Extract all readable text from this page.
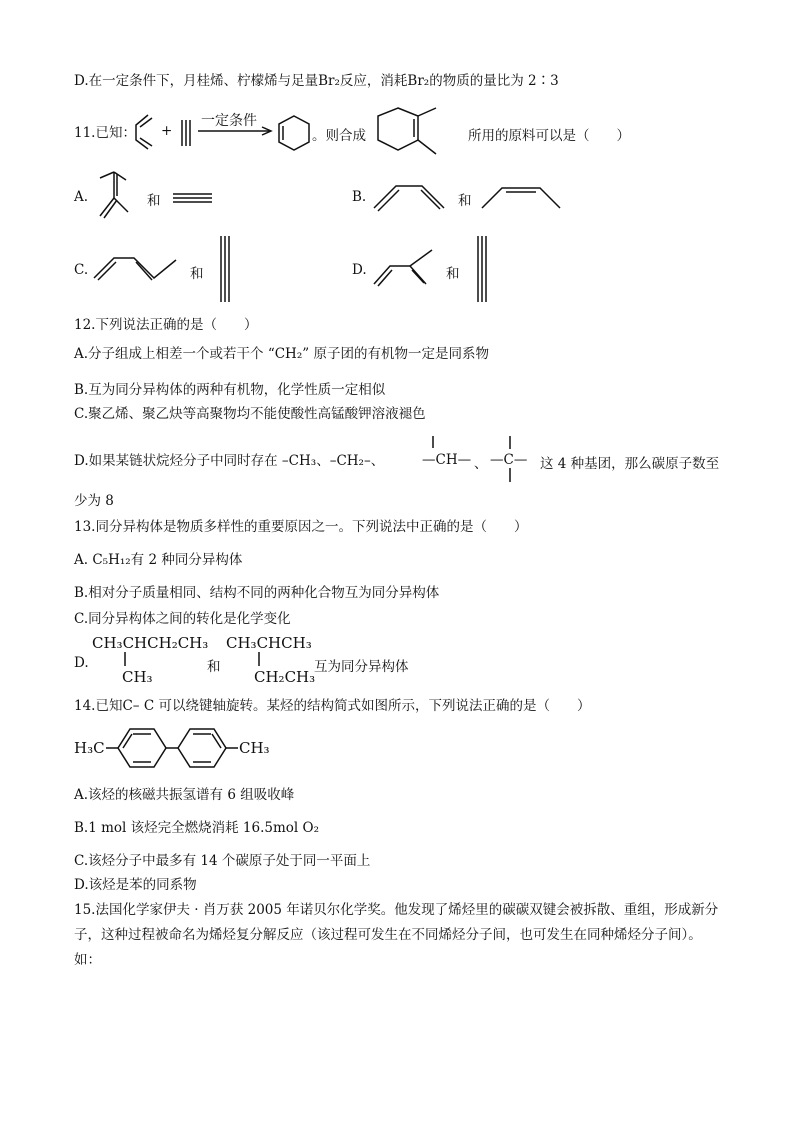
D.在一定条件下，月桂烯、柠檬烯与足量Br₂反应，消耗Br₂的物质的量比为 2∶3
11.已知： +
一定条件
。则合成	所用的原料可以是（　　）
A.	和	B.	和
C.	和	D.	和
12.下列说法正确的是（　　）
A.分子组成上相差一个或若干个 “CH₂” 原子团的有机物一定是同系物
B.互为同分异构体的两种有机物，化学性质一定相似
C.聚乙烯、聚乙炔等高聚物均不能使酸性高锰酸钾溶液褪色
D.如果某链状烷烃分子中同时存在 –CH₃、–CH₂–、	—CH— 、 —C— 这 4 种基团，那么碳原子数至
少为 8
13.同分异构体是物质多样性的重要原因之一。下列说法中正确的是（　　）
A. C₅H₁₂有 2 种同分异构体
B.相对分子质量相同、结构不同的两种化合物互为同分异构体
C.同分异构体之间的转化是化学变化
D.
CH₃CHCH₂CH₃
CH₃
和
CH₃CHCH₃
CH₂CH₃
互为同分异构体
14.已知C– C 可以绕键轴旋转。某烃的结构简式如图所示，下列说法正确的是（　　）
H₃C	CH₃
A.该烃的核磁共振氢谱有 6 组吸收峰
B.1 mol 该烃完全燃烧消耗 16.5mol O₂
C.该烃分子中最多有 14 个碳原子处于同一平面上
D.该烃是苯的同系物
15.法国化学家伊夫 · 肖万获 2005 年诺贝尔化学奖。他发现了烯烃里的碳碳双键会被拆散、重组，形成新分
子，这种过程被命名为烯烃复分解反应（该过程可发生在不同烯烃分子间，也可发生在同种烯烃分子间）。
如：
